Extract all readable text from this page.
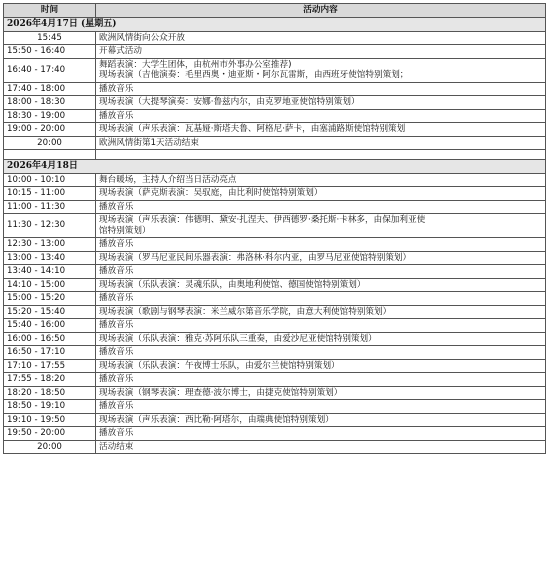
时间	活动内容
2026年4月17日 (星期五)	
15:45	欧洲风情街向公众开放

15:50 - 16:40	开幕式活动

16:40 - 17:40	舞蹈表演：大学生团体，由杭州市外事办公室推荐)
现场表演（吉他演奏：毛里西奥・迪亚斯・阿尔瓦雷斯，由西班牙使馆特别策划；

17:40 - 18:00	播放音乐

18:00 - 18:30	现场表演（大提琴演奏：安娜·鲁兹内尔，由克罗地亚使馆特别策划）

18:30 - 19:00	播放音乐

19:00 - 20:00	现场表演（声乐表演：瓦基娅·斯塔夫鲁、阿格尼·萨卡，由塞浦路斯使馆特别策划

20:00	欧洲风情街第1天活动结束

2026年4月18日	
10:00 - 10:10	舞台暖场，主持人介绍当日活动亮点

10:15 - 11:00	现场表演（萨克斯表演：吴驭庭，由比利时使馆特别策划）

11:00 - 11:30	播放音乐

11:30 - 12:30	现场表演（声乐表演：伟德明、黛安·扎涅夫、伊西德罗·桑托斯·卡林多，由保加利亚使
馆特别策划）

12:30 - 13:00	播放音乐

13:00 - 13:40	现场表演（罗马尼亚民间乐器表演：弗洛林·科尔内亚，由罗马尼亚使馆特别策划）

13:40 - 14:10	播放音乐

14:10 - 15:00	现场表演（乐队表演：灵魂乐队，由奥地利使馆、德国使馆特别策划）

15:00 - 15:20	播放音乐

15:20 - 15:40	现场表演（歌剧与钢琴表演：米兰威尔第音乐学院，由意大利使馆特别策划）

15:40 - 16:00	播放音乐

16:00 - 16:50	现场表演（乐队表演：雅克·苏阿乐队三重奏，由爱沙尼亚使馆特别策划）

16:50 - 17:10	播放音乐

17:10 - 17:55	现场表演（乐队表演：午夜博士乐队，由爱尔兰使馆特别策划）

17:55 - 18:20	播放音乐

18:20 - 18:50	现场表演（钢琴表演：理查德·波尔博士，由捷克使馆特别策划）

18:50 - 19:10	播放音乐

19:10 - 19:50	现场表演（声乐表演：西比勒·阿塔尔，由瑞典使馆特别策划）

19:50 - 20:00	播放音乐

20:00	活动结束
